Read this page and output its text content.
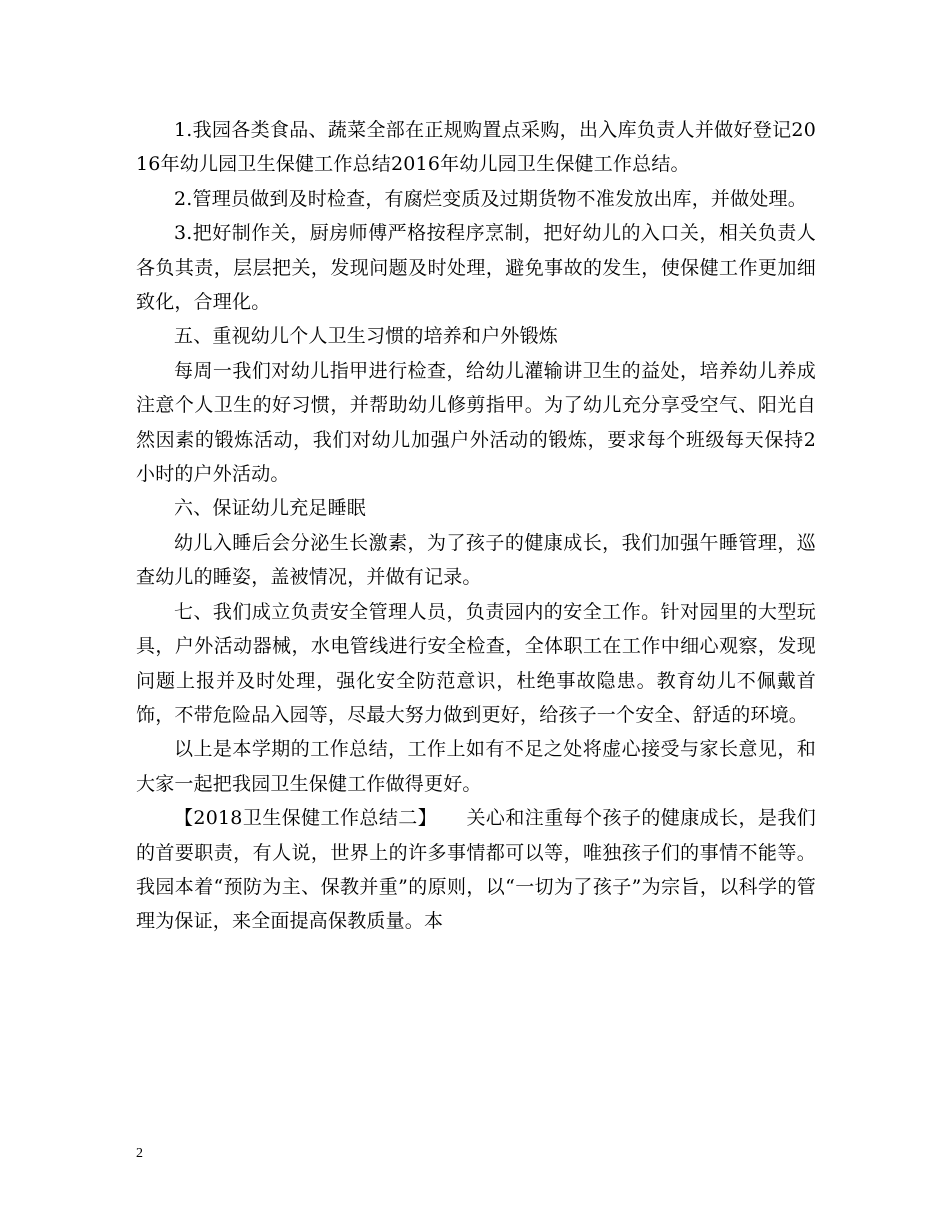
1.我园各类食品、蔬菜全部在正规购置点采购，出入库负责人并做好登记2016年幼儿园卫生保健工作总结2016年幼儿园卫生保健工作总结。

2.管理员做到及时检查，有腐烂变质及过期货物不准发放出库，并做处理。

3.把好制作关，厨房师傅严格按程序烹制，把好幼儿的入口关，相关负责人各负其责，层层把关，发现问题及时处理，避免事故的发生，使保健工作更加细致化，合理化。

五、重视幼儿个人卫生习惯的培养和户外锻炼

每周一我们对幼儿指甲进行检查，给幼儿灌输讲卫生的益处，培养幼儿养成注意个人卫生的好习惯，并帮助幼儿修剪指甲。为了幼儿充分享受空气、阳光自然因素的锻炼活动，我们对幼儿加强户外活动的锻炼，要求每个班级每天保持2小时的户外活动。

六、保证幼儿充足睡眠

幼儿入睡后会分泌生长激素，为了孩子的健康成长，我们加强午睡管理，巡查幼儿的睡姿，盖被情况，并做有记录。

七、我们成立负责安全管理人员，负责园内的安全工作。针对园里的大型玩具，户外活动器械，水电管线进行安全检查，全体职工在工作中细心观察，发现问题上报并及时处理，强化安全防范意识，杜绝事故隐患。教育幼儿不佩戴首饰，不带危险品入园等，尽最大努力做到更好，给孩子一个安全、舒适的环境。

以上是本学期的工作总结，工作上如有不足之处将虚心接受与家长意见，和大家一起把我园卫生保健工作做得更好。

【2018卫生保健工作总结二】　　关心和注重每个孩子的健康成长，是我们的首要职责，有人说，世界上的许多事情都可以等，唯独孩子们的事情不能等。我园本着“预防为主、保教并重”的原则，以“一切为了孩子”为宗旨，以科学的管理为保证，来全面提高保教质量。本

2
